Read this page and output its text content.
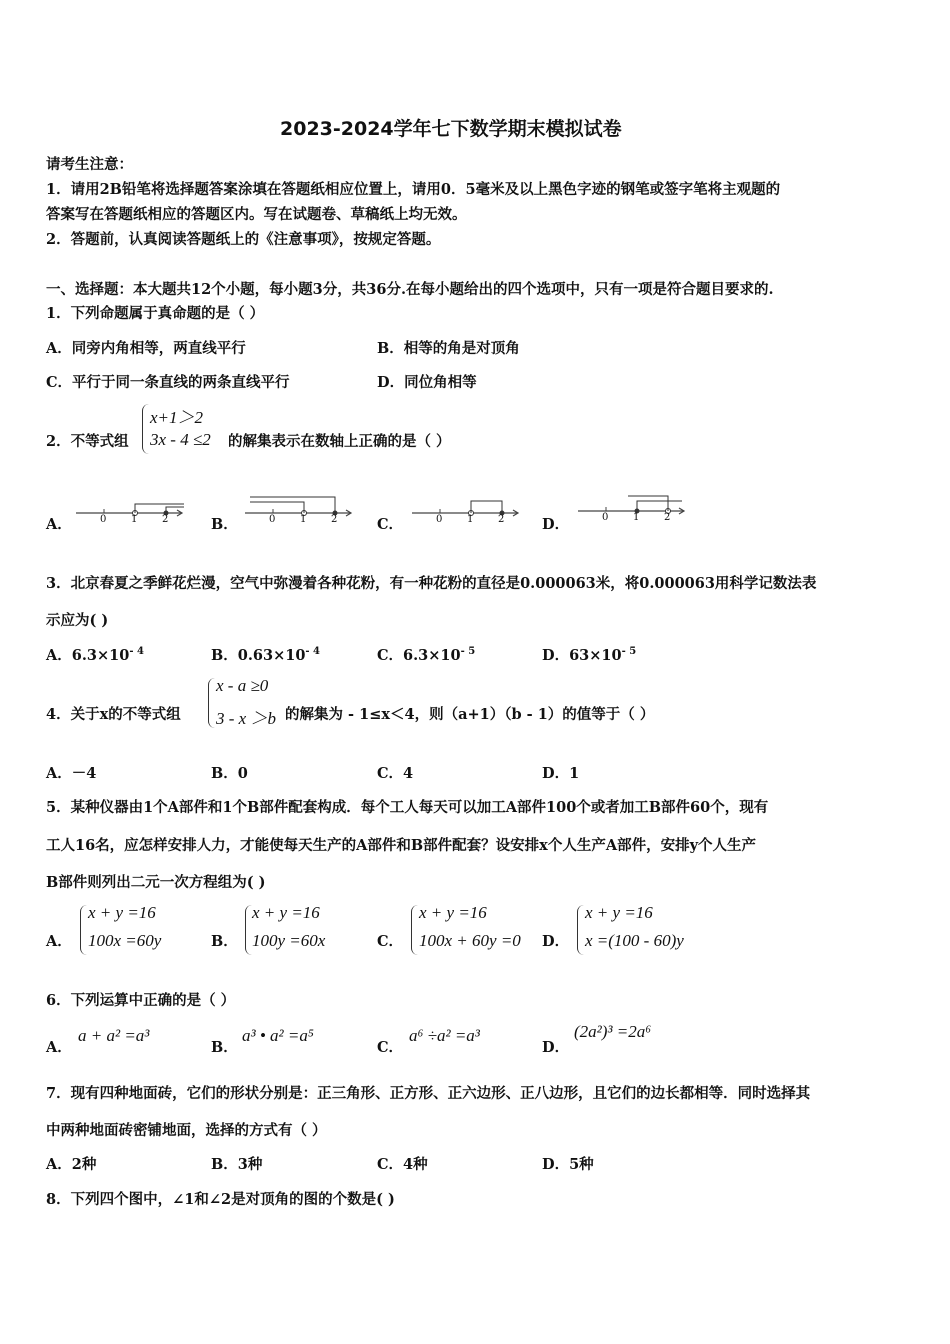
2023-2024学年七下数学期末模拟试卷
请考生注意：
1．请用2B铅笔将选择题答案涂填在答题纸相应位置上，请用0．5毫米及以上黑色字迹的钢笔或签字笔将主观题的
答案写在答题纸相应的答题区内。写在试题卷、草稿纸上均无效。
2．答题前，认真阅读答题纸上的《注意事项》，按规定答题。
一、选择题：本大题共12个小题，每小题3分，共36分.在每小题给出的四个选项中，只有一项是符合题目要求的.
1．下列命题属于真命题的是（ ）
A．同旁内角相等，两直线平行	B．相等的角是对顶角
C．平行于同一条直线的两条直线平行	D．同位角相等
2．不等式组
x+1＞2
3x - 4 ≤2 的解集表示在数轴上正确的是（ ）
A．	0 1 2	B．	0 1 2	C．	0 1 2	D．	0 1 2
3．北京春夏之季鲜花烂漫，空气中弥漫着各种花粉，有一种花粉的直径是0.000063米，将0.000063用科学记数法表
示应为( )
A．$6.3\times 10^{- 4}$	B．$0.63\times 10^{- 4}$	C．$6.3\times 10^{- 5}$	D．$63\times 10^{- 5}$
4．关于x的不等式组
x - a ≥0
3 - x ＞b 的解集为 - 1≤x＜4，则（a+1）（b - 1）的值等于（ ）
A．－4	B．0	C．4	D．1
5．某种仪器由1个A部件和1个B部件配套构成．每个工人每天可以加工A部件100个或者加工B部件60个，现有
工人16名，应怎样安排人力，才能使每天生产的A部件和B部件配套？设安排x个人生产A部件，安排y个人生产
B部件则列出二元一次方程组为( )
A．
x + y =16
100x =60y	B．
x + y =16
100y =60x	C．
x + y =16
100x + 60y =0 D．
x + y =16
x =(100 - 60)y
6．下列运算中正确的是（ ）
A．
a + a² =a³
B．
a³ • a² =a⁵
C．
a⁶ ÷a² =a³
D．
(2a²)³ =2a⁶
7．现有四种地面砖，它们的形状分别是：正三角形、正方形、正六边形、正八边形，且它们的边长都相等．同时选择其
中两种地面砖密铺地面，选择的方式有（ ）
A．2种	B．3种	C．4种	D．5种
8．下列四个图中，∠1和∠2是对顶角的图的个数是( )
